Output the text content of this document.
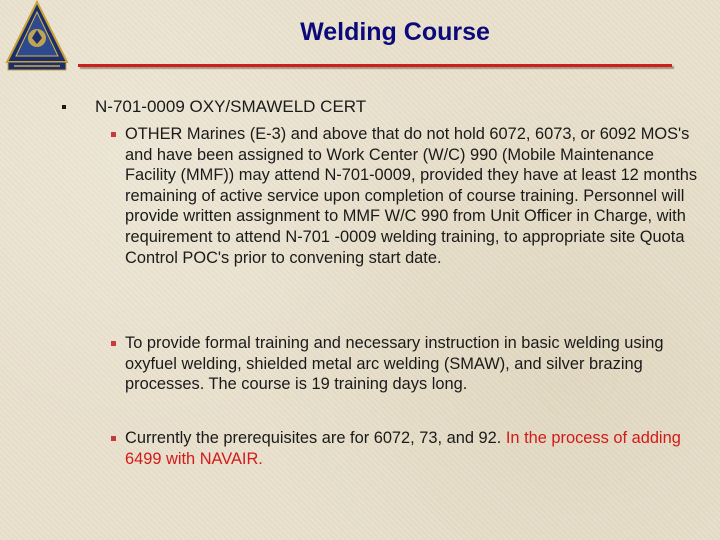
Welding Course
N-701-0009 OXY/SMAWELD CERT
OTHER Marines (E-3) and above that do not hold 6072, 6073, or 6092 MOS's and have been assigned to Work Center (W/C) 990 (Mobile Maintenance Facility (MMF)) may attend N-701-0009, provided they have at least 12 months remaining of active service upon completion of course training. Personnel will provide written assignment to MMF W/C 990 from Unit Officer in Charge, with requirement to attend N-701 -0009 welding training, to appropriate site Quota Control POC's prior to convening start date.
To provide formal training and necessary instruction in basic welding using oxyfuel welding, shielded metal arc welding (SMAW), and silver brazing processes. The course is 19 training days long.
Currently the prerequisites are for 6072, 73, and 92. In the process of adding 6499 with NAVAIR.
